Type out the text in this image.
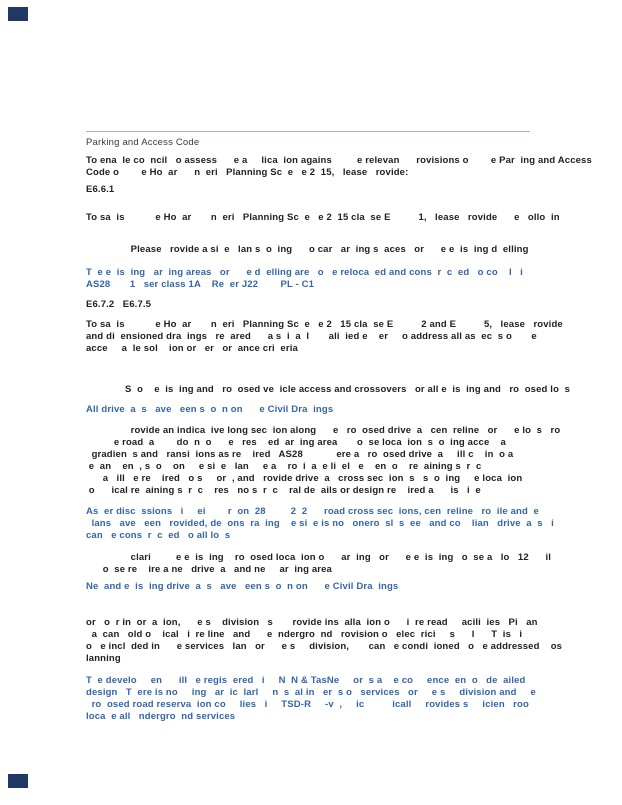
Parking and Access Code
To ena  le co  ncil   o assess      e a     lica  ion agains         e relevan      rovisions o        e Par  ing and Access
Code o        e Ho  ar      n  eri   Planning Sc  e   e 2  15,   lease   rovide:
E6.6.1
To sa  is           e Ho  ar       n  eri   Planning Sc  e   e 2  15 cla  se E          1,   lease   rovide      e   ollo  in
Please   rovide a si  e   lan s  o  ing      o car   ar  ing s  aces   or      e e  is  ing d  elling
T  e e  is  ing   ar  ing areas   or      e d  elling are   o   e reloca  ed and cons  r  c  ed   o co    l   i
AS28       1   ser class 1A    Re  er J22        PL - C1
E6.7.2   E6.7.5
To sa  is           e Ho  ar       n  eri   Planning Sc  e   e 2   15 cla  se E          2 and E          5,   lease   rovide
and di  ensioned dra  ings   re  ared      a s  i  a  l       ali  ied e    er     o address all as  ec  s o       e
acce     a  le sol    ion or   er   or  ance cri  eria
S  o    e  is  ing and   ro  osed ve  icle access and crossovers   or all e  is  ing and   ro  osed lo  s
All drive  a  s   ave   een s  o  n on      e Civil Dra  ings
rovide an indica  ive long sec  ion along      e   ro  osed drive  a   cen  reline   or      e lo  s   ro
e road  a        do  n  o      e   res    ed  ar  ing area       o  se loca  ion  s  o  ing acce    a
gradien  s and   ransi  ions as re    ired   AS28            ere a   ro  osed drive  a     ill c    in  o a
e  an    en  , s  o    on     e si  e   lan     e a    ro  i  a  e li  el   e    en  o    re  aining s  r  c
a   ill   e re    ired   o s     or  , and   rovide drive  a   cross sec  ion  s   s  o  ing     e loca  ion
o      ical re  aining s  r  c    res   no s  r  c    ral de  ails or design re    ired a      is   i  e
As  er disc  ssions   i     ei        r  on  28         2  2      road cross sec  ions, cen  reline   ro  ile and  e
lans   ave   een   rovided, de  ons  ra  ing    e si  e is no   onero  sl  s  ee   and co    lian   drive  a  s   i
can   e cons  r  c  ed   o all lo  s
clari         e e  is  ing    ro  osed loca  ion o      ar  ing   or      e e  is  ing   o  se a   lo   12      il
o  se re    ire a ne   drive  a   and ne     ar  ing area
Ne  and e  is  ing drive  a  s   ave   een s  o  n on      e Civil Dra  ings
or   o  r in  or  a  ion,      e s    division   s       rovide ins  alla  ion o      i  re read     acili  ies   Pi   an
a  can   old o    ical   i  re line   and      e  ndergro  nd   rovision o   elec  rici     s      l      T  is   i
o   e incl  ded in      e services   lan   or      e s     division,       can   e condi  ioned   o   e addressed    os
lanning
T  e develo     en      ill   e regis  ered   i     N  N & TasNe     or  s a    e co     ence  en  o   de  ailed
design   T  ere is no     ing   ar  ic  larl     n  s  al in   er  s o   services   or     e s     division and     e
ro  osed road reserva  ion co     lies   i     TSD-R     -v  ,     ic          icall     rovides s     icien   roo
loca  e all   ndergro  nd services
